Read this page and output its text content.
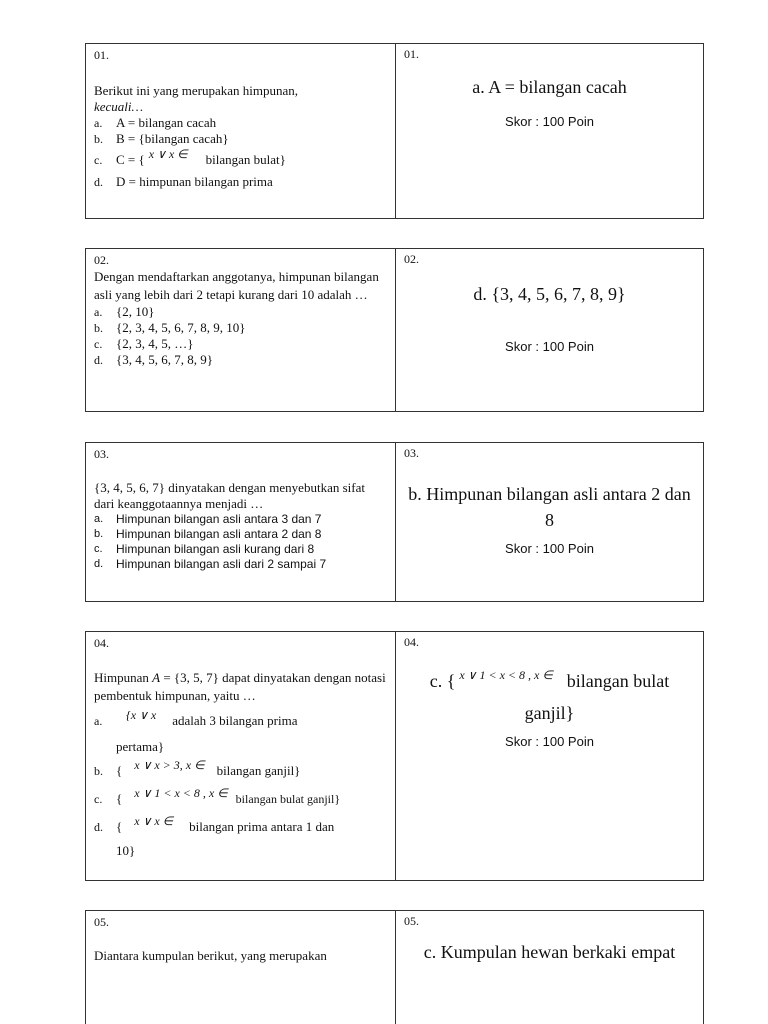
01.
Berikut ini yang merupakan himpunan,
kecuali…
a.	A = bilangan cacah
b.	B = {bilangan cacah}
c.	C = { x ∨ x ∈	bilangan bulat}
d.	D = himpunan bilangan prima
01.
a. A = bilangan cacah
Skor : 100 Poin
02.
Dengan mendaftarkan anggotanya, himpunan bilangan asli yang lebih dari 2 tetapi kurang dari 10 adalah …
a.	{2, 10}
b.	{2, 3, 4, 5, 6, 7, 8, 9, 10}
c.	{2, 3, 4, 5, …}
d.	{3, 4, 5, 6, 7, 8, 9}
02.
d. {3, 4, 5, 6, 7, 8, 9}
Skor : 100 Poin
03.
{3, 4, 5, 6, 7} dinyatakan dengan menyebutkan sifat dari keanggotaannya menjadi …
a.	Himpunan bilangan asli antara 3 dan 7
b.	Himpunan bilangan asli antara 2 dan 8
c.	Himpunan bilangan asli kurang dari 8
d.	Himpunan bilangan asli dari 2 sampai 7
03.
b. Himpunan bilangan asli antara 2 dan 8
Skor : 100 Poin
04.
Himpunan A = {3, 5, 7} dapat dinyatakan dengan notasi pembentuk himpunan, yaitu …
a.	{x ∨ x	adalah 3 bilangan prima
pertama}
b.	{	x ∨ x > 3, x ∈ bilangan ganjil}
c.	{	x ∨ 1 < x < 8 , x ∈ bilangan bulat ganjil}
d.	{	x ∨ x ∈	bilangan prima antara 1 dan
10}
04.
c. { $^{x \vee 1 < x < 8 , x \in}$ bilangan bulat
ganjil}
Skor : 100 Poin
05.
Diantara kumpulan berikut, yang merupakan
05.
c. Kumpulan hewan berkaki empat
